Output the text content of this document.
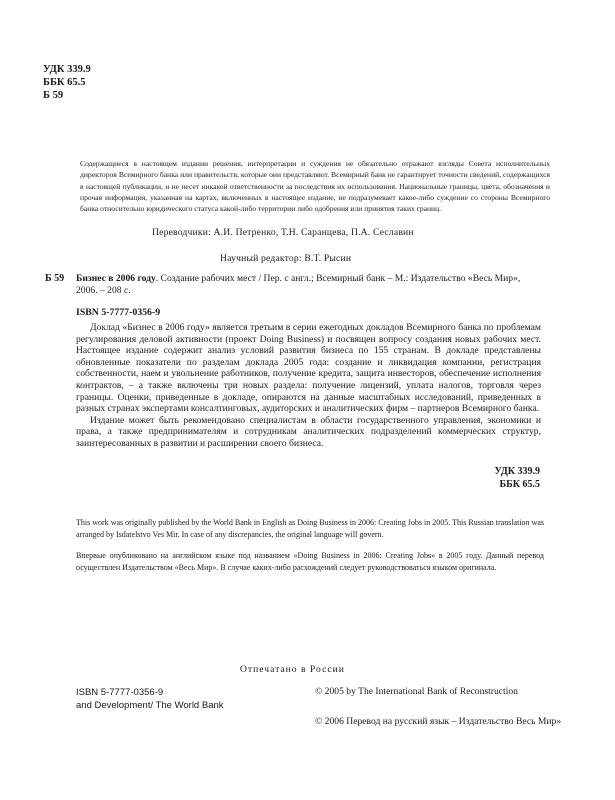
УДК 339.9
ББК 65.5
Б 59
Содержащиеся в настоящем издании решения, интерпретации и суждения не обязательно отражают взгляды Совета исполнительных директоров Всемирного банка или правительств, которые они представляют. Всемирный банк не гарантирует точности сведений, содержащихся в настоящей публикации, и не несет никакой ответственности за последствия их использования. Национальные границы, цвета, обозначения и прочая информация, указанная на картах, включенных в настоящее издание, не подразумевает какое-либо суждение со стороны Всемирного банка относительно юридического статуса какой-либо территории либо одобрения или принятия таких границ.
Переводчики: А.И. Петренко, Т.Н. Саранцева, П.А. Сеславин
Научный редактор: В.Т. Рысин
Б 59 Бизнес в 2006 году. Создание рабочих мест / Пер. с англ.; Всемирный банк – М.: Издательство «Весь Мир», 2006. – 208 с.
ISBN 5-7777-0356-9

Доклад «Бизнес в 2006 году» является третьим в серии ежегодных докладов Всемирного банка по проблемам регулирования деловой активности (проект Doing Business) и посвящен вопросу создания новых рабочих мест. Настоящее издание содержит анализ условий развития бизнеса по 155 странам. В докладе представлены обновленные показатели по разделам доклада 2005 года: создание и ликвидация компании, регистрация собственности, наем и увольнение работников, получение кредита, защита инвесторов, обеспечение исполнения контрактов, – а также включены три новых раздела: получение лицензий, уплата налогов, торговля через границы. Оценки, приведенные в докладе, опираются на данные масштабных исследований, приведенных в разных странах экспертами консалтинговых, аудиторских и аналитических фирм – партнеров Всемирного банка.

Издание может быть рекомендовано специалистам в области государственного управления, экономики и права, а также предпринимателям и сотрудникам аналитических подразделений коммерческих структур, заинтересованных в развитии и расширении своего бизнеса.

УДК 339.9
ББК 65.5
This work was originally published by the World Bank in English as Doing Business in 2006: Creating Jobs in 2005. This Russian translation was arranged by Isdatelstvo Ves Mir. In case of any discrepancies, the original language will govern.
Впервые опубликовано на английском языке под названием «Doing Business in 2006: Creating Jobs» в 2005 году. Данный перевод осуществлен Издательством «Весь Мир». В случае каких-либо расхождений следует руководствоваться языком оригинала.
Отпечатано в России
ISBN 5-7777-0356-9
and Development/ The World Bank

© 2005 by The International Bank of Reconstruction

© 2006 Перевод на русский язык – Издательство Весь Мир»
